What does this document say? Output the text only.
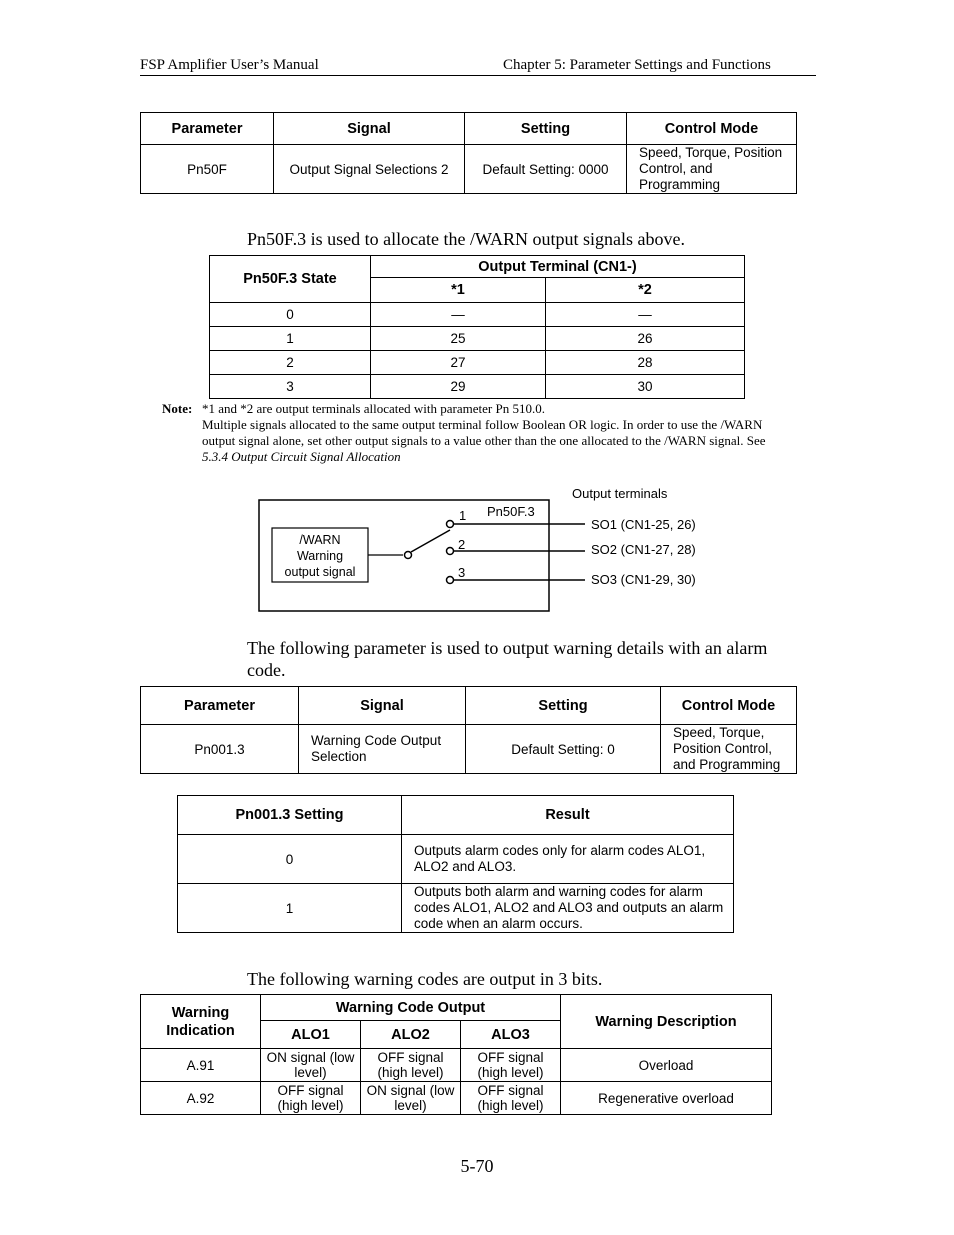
FSP Amplifier User’s Manual	Chapter 5: Parameter Settings and Functions
Parameter	Signal	Setting	Control Mode
Pn50F	Output Signal Selections 2	Default Setting: 0000	Speed, Torque, Position Control, and Programming
Pn50F.3 is used to allocate the /WARN output signals above.
Pn50F.3 State	Output Terminal (CN1-)	
	*1	*2
0	—	—
1	25	26
2	27	28
3	29	30
Note: *1 and *2 are output terminals allocated with parameter Pn 510.0.
Multiple signals allocated to the same output terminal follow Boolean OR logic. In order to use the /WARN
output signal alone, set other output signals to a value other than the one allocated to the /WARN signal. See
5.3.4 Output Circuit Signal Allocation
Output terminals
Pn50F.3
/WARN
Warning
output signal
1
2
3
SO1 (CN1-25, 26)
SO2 (CN1-27, 28)
SO3 (CN1-29, 30)
The following parameter is used to output warning details with an alarm
code.
Parameter	Signal	Setting	Control Mode
Pn001.3	Warning Code Output Selection	Default Setting: 0	Speed, Torque, Position Control, and Programming
Pn001.3 Setting	Result
0	Outputs alarm codes only for alarm codes ALO1, ALO2 and ALO3.
1	Outputs both alarm and warning codes for alarm codes ALO1, ALO2 and ALO3 and outputs an alarm code when an alarm occurs.
The following warning codes are output in 3 bits.
Warning Indication	Warning Code Output			Warning Description
	ALO1	ALO2	ALO3	
A.91	ON signal (low level)	OFF signal (high level)	OFF signal (high level)	Overload
A.92	OFF signal (high level)	ON signal (low level)	OFF signal (high level)	Regenerative overload
5-70
